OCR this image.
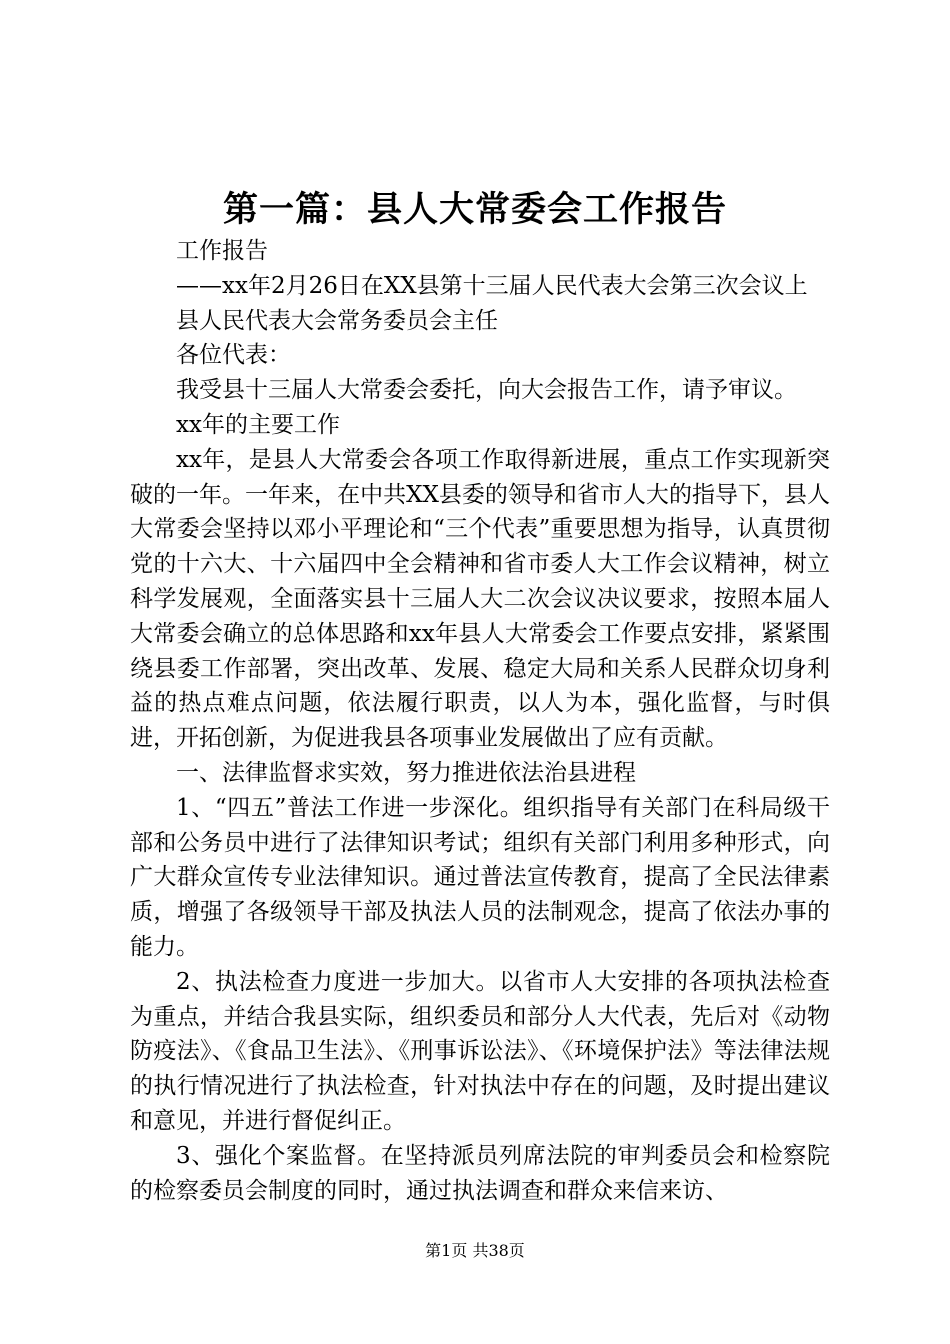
第一篇：县人大常委会工作报告

工作报告

——xx年2月26日在XX县第十三届人民代表大会第三次会议上

县人民代表大会常务委员会主任

各位代表：

我受县十三届人大常委会委托，向大会报告工作，请予审议。

xx年的主要工作

xx年，是县人大常委会各项工作取得新进展，重点工作实现新突破的一年。一年来，在中共XX县委的领导和省市人大的指导下，县人大常委会坚持以邓小平理论和“三个代表”重要思想为指导，认真贯彻党的十六大、十六届四中全会精神和省市委人大工作会议精神，树立科学发展观，全面落实县十三届人大二次会议决议要求，按照本届人大常委会确立的总体思路和xx年县人大常委会工作要点安排，紧紧围绕县委工作部署，突出改革、发展、稳定大局和关系人民群众切身利益的热点难点问题，依法履行职责，以人为本，强化监督，与时俱进，开拓创新，为促进我县各项事业发展做出了应有贡献。

一、法律监督求实效，努力推进依法治县进程

1、“四五”普法工作进一步深化。组织指导有关部门在科局级干部和公务员中进行了法律知识考试；组织有关部门利用多种形式，向广大群众宣传专业法律知识。通过普法宣传教育，提高了全民法律素质，增强了各级领导干部及执法人员的法制观念，提高了依法办事的能力。

2、执法检查力度进一步加大。以省市人大安排的各项执法检查为重点，并结合我县实际，组织委员和部分人大代表，先后对《动物防疫法》、《食品卫生法》、《刑事诉讼法》、《环境保护法》等法律法规的执行情况进行了执法检查，针对执法中存在的问题，及时提出建议和意见，并进行督促纠正。

3、强化个案监督。在坚持派员列席法院的审判委员会和检察院的检察委员会制度的同时，通过执法调查和群众来信来访、

第1页 共38页
